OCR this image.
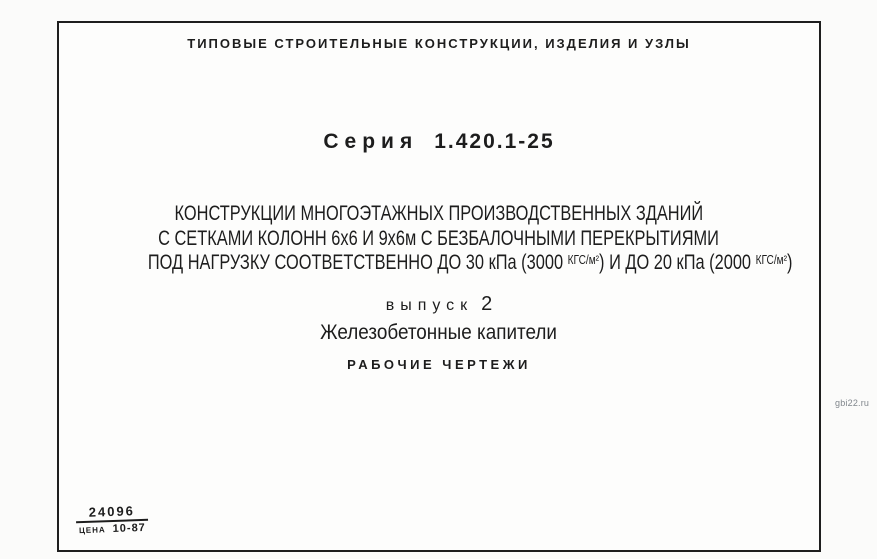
ТИПОВЫЕ СТРОИТЕЛЬНЫЕ КОНСТРУКЦИИ, ИЗДЕЛИЯ И УЗЛЫ
Серия 1.420.1-25
КОНСТРУКЦИИ МНОГОЭТАЖНЫХ ПРОИЗВОДСТВЕННЫХ ЗДАНИЙ
С СЕТКАМИ КОЛОНН 6х6 И 9х6м С БЕЗБАЛОЧНЫМИ ПЕРЕКРЫТИЯМИ
ПОД НАГРУЗКУ СООТВЕТСТВЕННО ДО 30 кПа (3000 $^{КГС/м^2}$) И ДО 20 кПа (2000 $^{КГС/м^2}$)
выпуск 2
Железобетонные капители
РАБОЧИЕ ЧЕРТЕЖИ
24096
ЦЕНА 10-87
gbi22.ru
